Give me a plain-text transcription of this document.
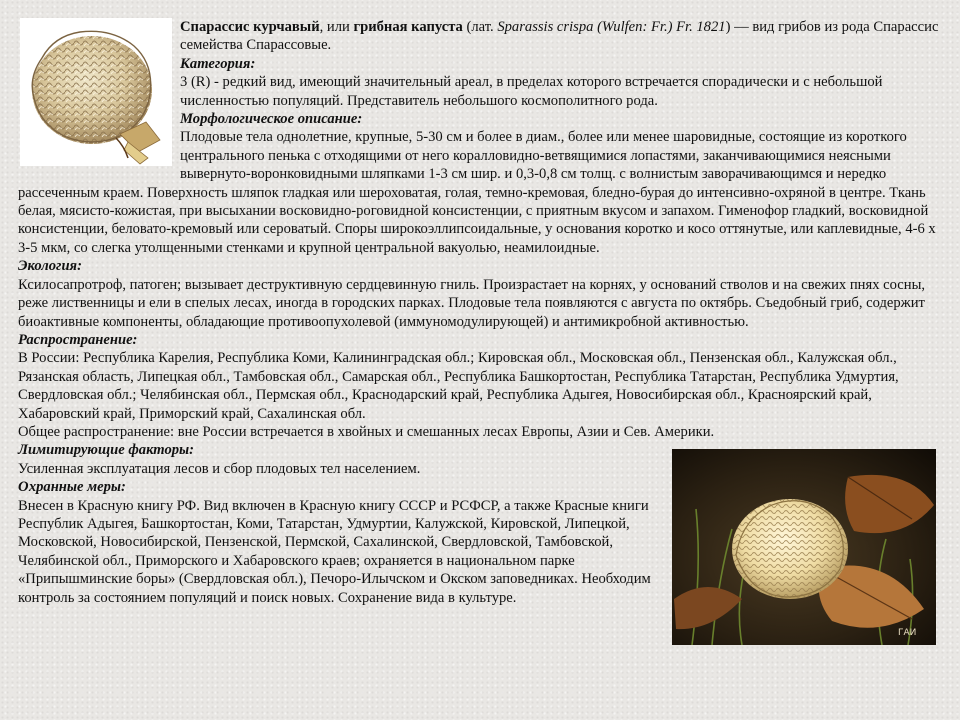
Спарассис курчавый, или грибная капуста (лат. Sparassis crispa (Wulfen: Fr.) Fr. 1821) — вид грибов из рода Спарассис семейства Спарассовые.

Категория:

3 (R) - редкий вид, имеющий значительный ареал, в пределах которого встречается спорадически и с небольшой численностью популяций. Представитель небольшого космополитного рода.

Морфологическое описание:

Плодовые тела однолетние, крупные, 5-30 см и более в диам., более или менее шаровидные, состоящие из короткого центрального пенька с отходящими от него коралловидно-ветвящимися лопастями, заканчивающимися неясными вывернуто-воронковидными шляпками 1-3 см шир. и 0,3-0,8 см толщ. с волнистым заворачивающимся и нередко рассеченным краем. Поверхность шляпок гладкая или шероховатая, голая, темно-кремовая, бледно-бурая до интенсивно-охряной в центре. Ткань белая, мясисто-кожистая, при высыхании восковидно-роговидной консистенции, с приятным вкусом и запахом. Гименофор гладкий, восковидной консистенции, беловато-кремовый или сероватый. Споры широкоэллипсоидальные, у основания коротко и косо оттянутые, или каплевидные, 4-6 х 3-5 мкм, со слегка утолщенными стенками и крупной центральной вакуолью, неамилоидные.

Экология:

Ксилосапротроф, патоген; вызывает деструктивную сердцевинную гниль. Произрастает на корнях, у оснований стволов и на свежих пнях сосны, реже лиственницы и ели в спелых лесах, иногда в городских парках. Плодовые тела появляются с августа по октябрь. Съедобный гриб, содержит биоактивные компоненты, обладающие противоопухолевой (иммуномодулирующей) и антимикробной активностью.

Распространение:

В России: Республика Карелия, Республика Коми, Калининградская обл.; Кировская обл., Московская обл., Пензенская обл., Калужская обл., Рязанская область, Липецкая обл., Тамбовская обл., Самарская обл., Республика Башкортостан, Республика Татарстан, Республика Удмуртия, Свердловская обл.; Челябинская обл., Пермская обл., Краснодарский край, Республика Адыгея, Новосибирская обл., Красноярский край, Хабаровский край, Приморский край, Сахалинская обл.

Общее распространение: вне России встречается в хвойных и смешанных лесах Европы, Азии и Сев. Америки.

ГАИ

Лимитирующие факторы:

Усиленная эксплуатация лесов и сбор плодовых тел населением.

Охранные меры:

Внесен в Красную книгу РФ. Вид включен в Красную книгу СССР и РСФСР, а также Красные книги Республик Адыгея, Башкортостан, Коми, Татарстан, Удмуртии, Калужской, Кировской, Липецкой, Московской, Новосибирской, Пензенской, Пермской, Сахалинской, Свердловской, Тамбовской, Челябинской обл., Приморского и Хабаровского краев; охраняется в национальном парке «Припышминские боры» (Свердловская обл.), Печоро-Илычском и Окском заповедниках. Необходим контроль за состоянием популяций и поиск новых. Сохранение вида в культуре.
